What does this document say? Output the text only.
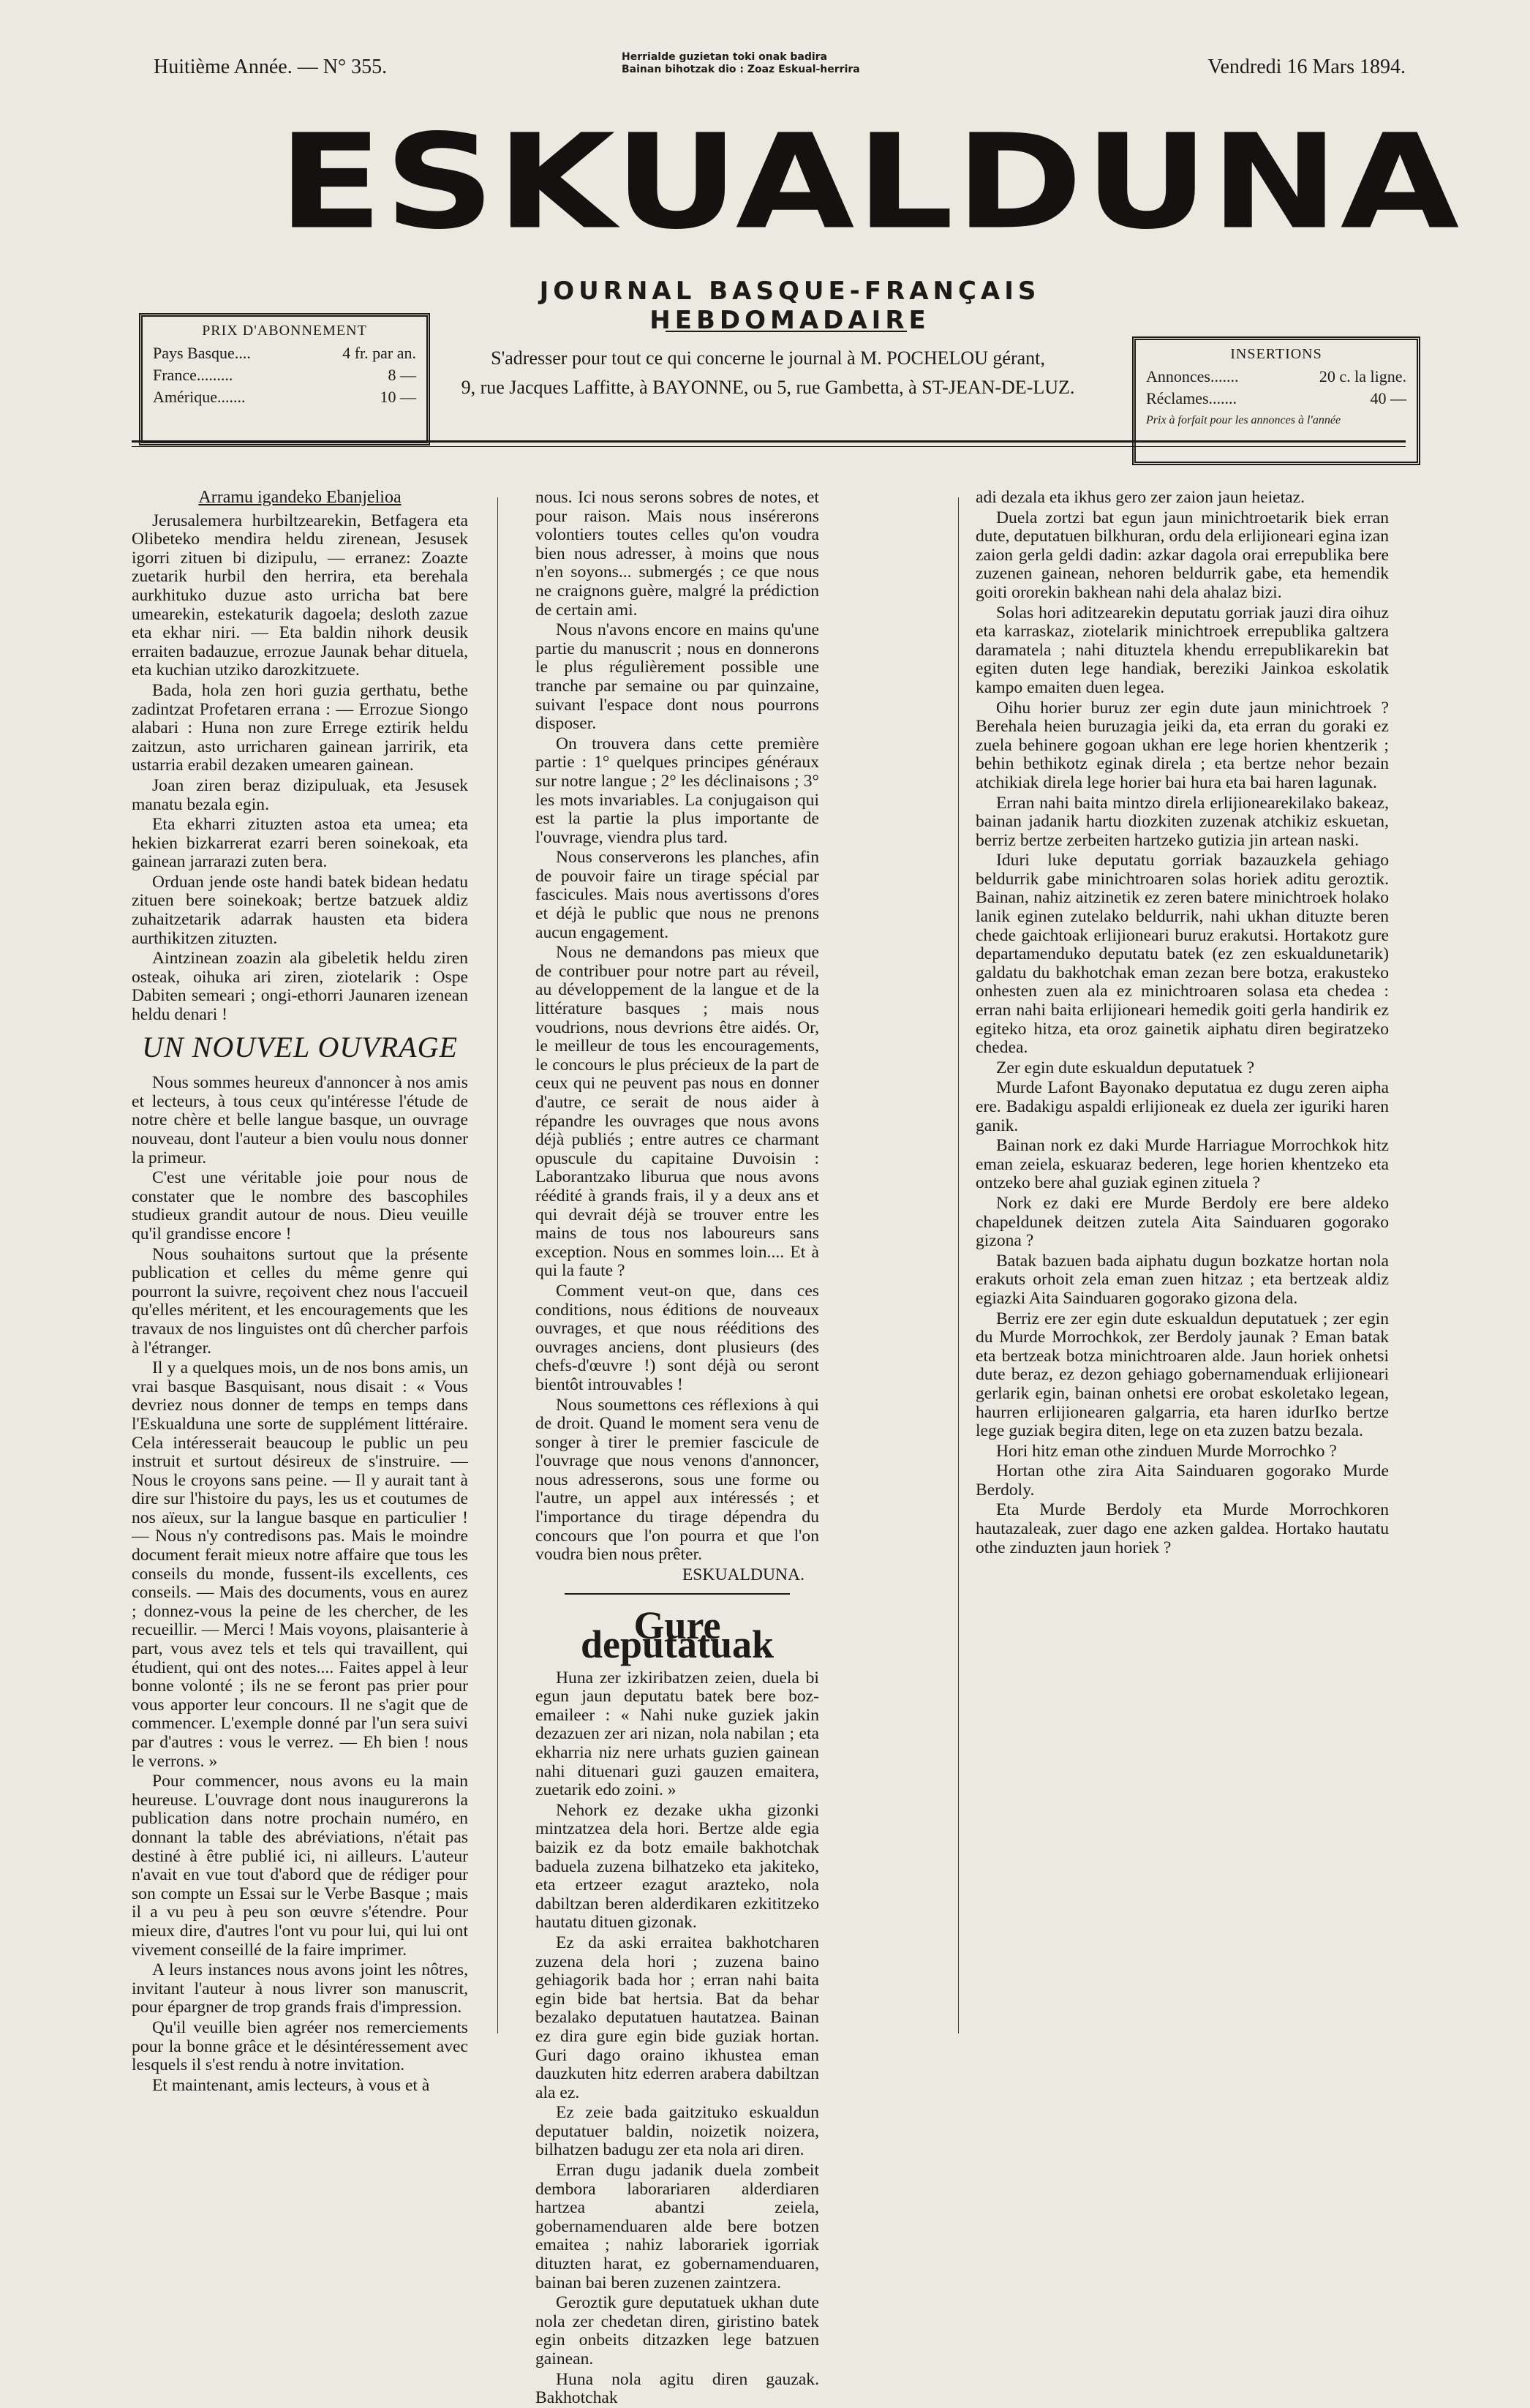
Huitième Année. — N° 355.	Herrialde guzietan toki onak badira
Bainan bihotzak dio : Zoaz Eskual-herrira	Vendredi 16 Mars 1894.
ESKUALDUNA
JOURNAL BASQUE-FRANÇAIS HEBDOMADAIRE
PRIX D'ABONNEMENT
Pays Basque....	4 fr. par an.
France.........	8 —
Amérique.......	10 —
S'adresser pour tout ce qui concerne le journal à M. POCHELOU gérant,
9, rue Jacques Laffitte, à BAYONNE, ou 5, rue Gambetta, à ST-JEAN-DE-LUZ.
INSERTIONS
Annonces.......	20 c. la ligne.
Réclames.......	40 —
Prix à forfait pour les annonces à l'année
Arramu igandeko Ebanjelioa

Jerusalemera hurbiltzearekin, Betfagera eta Olibeteko mendira heldu zirenean, Jesusek igorri zituen bi dizipulu, — erranez: Zoazte zuetarik hurbil den herrira, eta berehala aurkhituko duzue asto urricha bat bere umearekin, estekaturik dagoela; desloth zazue eta ekhar niri. — Eta baldin nihork deusik erraiten badauzue, errozue Jaunak behar dituela, eta kuchian utziko darozkitzuete.

Bada, hola zen hori guzia gerthatu, bethe zadintzat Profetaren errana : — Errozue Siongo alabari : Huna non zure Errege eztirik heldu zaitzun, asto urricharen gainean jarririk, eta ustarria erabil dezaken umearen gainean.

Joan ziren beraz dizipuluak, eta Jesusek manatu bezala egin.

Eta ekharri zituzten astoa eta umea; eta hekien bizkarrerat ezarri beren soinekoak, eta gainean jarrarazi zuten bera.

Orduan jende oste handi batek bidean hedatu zituen bere soinekoak; bertze batzuek aldiz zuhaitzetarik adarrak hausten eta bidera aurthikitzen zituzten.

Aintzinean zoazin ala gibeletik heldu ziren osteak, oihuka ari ziren, ziotelarik : Ospe Dabiten semeari ; ongi-ethorri Jaunaren izenean heldu denari !

UN NOUVEL OUVRAGE

Nous sommes heureux d'annoncer à nos amis et lecteurs, à tous ceux qu'intéresse l'étude de notre chère et belle langue basque, un ouvrage nouveau, dont l'auteur a bien voulu nous donner la primeur.

C'est une véritable joie pour nous de constater que le nombre des bascophiles studieux grandit autour de nous. Dieu veuille qu'il grandisse encore !

Nous souhaitons surtout que la présente publication et celles du même genre qui pourront la suivre, reçoivent chez nous l'accueil qu'elles méritent, et les encouragements que les travaux de nos linguistes ont dû chercher parfois à l'étranger.

Il y a quelques mois, un de nos bons amis, un vrai basque Basquisant, nous disait : « Vous devriez nous donner de temps en temps dans l'Eskualduna une sorte de supplément littéraire. Cela intéresserait beaucoup le public un peu instruit et surtout désireux de s'instruire. — Nous le croyons sans peine. — Il y aurait tant à dire sur l'histoire du pays, les us et coutumes de nos aïeux, sur la langue basque en particulier ! — Nous n'y contredisons pas. Mais le moindre document ferait mieux notre affaire que tous les conseils du monde, fussent-ils excellents, ces conseils. — Mais des documents, vous en aurez ; donnez-vous la peine de les chercher, de les recueillir. — Merci ! Mais voyons, plaisanterie à part, vous avez tels et tels qui travaillent, qui étudient, qui ont des notes.... Faites appel à leur bonne volonté ; ils ne se feront pas prier pour vous apporter leur concours. Il ne s'agit que de commencer. L'exemple donné par l'un sera suivi par d'autres : vous le verrez. — Eh bien ! nous le verrons. »

Pour commencer, nous avons eu la main heureuse. L'ouvrage dont nous inaugurerons la publication dans notre prochain numéro, en donnant la table des abréviations, n'était pas destiné à être publié ici, ni ailleurs. L'auteur n'avait en vue tout d'abord que de rédiger pour son compte un Essai sur le Verbe Basque ; mais il a vu peu à peu son œuvre s'étendre. Pour mieux dire, d'autres l'ont vu pour lui, qui lui ont vivement conseillé de la faire imprimer.

A leurs instances nous avons joint les nôtres, invitant l'auteur à nous livrer son manuscrit, pour épargner de trop grands frais d'impression.

Qu'il veuille bien agréer nos remerciements pour la bonne grâce et le désintéressement avec lesquels il s'est rendu à notre invitation.

Et maintenant, amis lecteurs, à vous et à

nous. Ici nous serons sobres de notes, et pour raison. Mais nous insérerons volontiers toutes celles qu'on voudra bien nous adresser, à moins que nous n'en soyons... submergés ; ce que nous ne craignons guère, malgré la prédiction de certain ami.

Nous n'avons encore en mains qu'une partie du manuscrit ; nous en donnerons le plus régulièrement possible une tranche par semaine ou par quinzaine, suivant l'espace dont nous pourrons disposer.

On trouvera dans cette première partie : 1° quelques principes généraux sur notre langue ; 2° les déclinaisons ; 3° les mots invariables. La conjugaison qui est la partie la plus importante de l'ouvrage, viendra plus tard.

Nous conserverons les planches, afin de pouvoir faire un tirage spécial par fascicules. Mais nous avertissons d'ores et déjà le public que nous ne prenons aucun engagement.

Nous ne demandons pas mieux que de contribuer pour notre part au réveil, au développement de la langue et de la littérature basques ; mais nous voudrions, nous devrions être aidés. Or, le meilleur de tous les encouragements, le concours le plus précieux de la part de ceux qui ne peuvent pas nous en donner d'autre, ce serait de nous aider à répandre les ouvrages que nous avons déjà publiés ; entre autres ce charmant opuscule du capitaine Duvoisin : Laborantzako liburua que nous avons réédité à grands frais, il y a deux ans et qui devrait déjà se trouver entre les mains de tous nos laboureurs sans exception. Nous en sommes loin.... Et à qui la faute ?

Comment veut-on que, dans ces conditions, nous éditions de nouveaux ouvrages, et que nous rééditions des ouvrages anciens, dont plusieurs (des chefs-d'œuvre !) sont déjà ou seront bientôt introuvables !

Nous soumettons ces réflexions à qui de droit. Quand le moment sera venu de songer à tirer le premier fascicule de l'ouvrage que nous venons d'annoncer, nous adresserons, sous une forme ou l'autre, un appel aux intéressés ; et l'importance du tirage dépendra du concours que l'on pourra et que l'on voudra bien nous prêter.

ESKUALDUNA.
Gure deputatuak

Huna zer izkiribatzen zeien, duela bi egun jaun deputatu batek bere boz-emaileer : « Nahi nuke guziek jakin dezazuen zer ari nizan, nola nabilan ; eta ekharria niz nere urhats guzien gainean nahi dituenari guzi gauzen emaitera, zuetarik edo zoini. »

Nehork ez dezake ukha gizonki mintzatzea dela hori. Bertze alde egia baizik ez da botz emaile bakhotchak baduela zuzena bilhatzeko eta jakiteko, eta ertzeer ezagut arazteko, nola dabiltzan beren alderdikaren ezkititzeko hautatu dituen gizonak.

Ez da aski erraitea bakhotcharen zuzena dela hori ; zuzena baino gehiagorik bada hor ; erran nahi baita egin bide bat hertsia. Bat da behar bezalako deputatuen hautatzea. Bainan ez dira gure egin bide guziak hortan. Guri dago oraino ikhustea eman dauzkuten hitz ederren arabera dabiltzan ala ez.

Ez zeie bada gaitzituko eskualdun deputatuer baldin, noizetik noizera, bilhatzen badugu zer eta nola ari diren.

Erran dugu jadanik duela zombeit dembora laborariaren alderdiaren hartzea abantzi zeiela, gobernamenduaren alde bere botzen emaitea ; nahiz laborariek igorriak dituzten harat, ez gobernamenduaren, bainan bai beren zuzenen zaintzera.

Geroztik gure deputatuek ukhan dute nola zer chedetan diren, giristino batek egin onbeits ditzazken lege batzuen gainean.

Huna nola agitu diren gauzak. Bakhotchak

adi dezala eta ikhus gero zer zaion jaun heietaz.

Duela zortzi bat egun jaun minichtroetarik biek erran dute, deputatuen bilkhuran, ordu dela erlijioneari egina izan zaion gerla geldi dadin: azkar dagola orai errepublika bere zuzenen gainean, nehoren beldurrik gabe, eta hemendik goiti ororekin bakhean nahi dela ahalaz bizi.

Solas hori aditzearekin deputatu gorriak jauzi dira oihuz eta karraskaz, ziotelarik minichtroek errepublika galtzera daramatela ; nahi dituztela khendu errepublikarekin bat egiten duten lege handiak, bereziki Jainkoa eskolatik kampo emaiten duen legea.

Oihu horier buruz zer egin dute jaun minichtroek ? Berehala heien buruzagia jeiki da, eta erran du goraki ez zuela behinere gogoan ukhan ere lege horien khentzerik ; behin bethikotz eginak direla ; eta bertze nehor bezain atchikiak direla lege horier bai hura eta bai haren lagunak.

Erran nahi baita mintzo direla erlijionearekilako bakeaz, bainan jadanik hartu diozkiten zuzenak atchikiz eskuetan, berriz bertze zerbeiten hartzeko gutizia jin artean naski.

Iduri luke deputatu gorriak bazauzkela gehiago beldurrik gabe minichtroaren solas horiek aditu geroztik. Bainan, nahiz aitzinetik ez zeren batere minichtroek holako lanik eginen zutelako beldurrik, nahi ukhan dituzte beren chede gaichtoak erlijioneari buruz erakutsi. Hortakotz gure departamenduko deputatu batek (ez zen eskualdunetarik) galdatu du bakhotchak eman zezan bere botza, erakusteko onhesten zuen ala ez minichtroaren solasa eta chedea : erran nahi baita erlijioneari hemedik goiti gerla handirik ez egiteko hitza, eta oroz gainetik aiphatu diren begiratzeko chedea.

Zer egin dute eskualdun deputatuek ?

Murde Lafont Bayonako deputatua ez dugu zeren aipha ere. Badakigu aspaldi erlijioneak ez duela zer iguriki haren ganik.

Bainan nork ez daki Murde Harriague Morrochkok hitz eman zeiela, eskuaraz bederen, lege horien khentzeko eta ontzeko bere ahal guziak eginen zituela ?

Nork ez daki ere Murde Berdoly ere bere aldeko chapeldunek deitzen zutela Aita Sainduaren gogorako gizona ?

Batak bazuen bada aiphatu dugun bozkatze hortan nola erakuts orhoit zela eman zuen hitzaz ; eta bertzeak aldiz egiazki Aita Sainduaren gogorako gizona dela.

Berriz ere zer egin dute eskualdun deputatuek ; zer egin du Murde Morrochkok, zer Berdoly jaunak ? Eman batak eta bertzeak botza minichtroaren alde. Jaun horiek onhetsi dute beraz, ez dezon gehiago gobernamenduak erlijioneari gerlarik egin, bainan onhetsi ere orobat eskoletako legean, haurren erlijionearen galgarria, eta haren idurIko bertze lege guziak begira diten, lege on eta zuzen batzu bezala.

Hori hitz eman othe zinduen Murde Morrochko ?

Hortan othe zira Aita Sainduaren gogorako Murde Berdoly.

Eta Murde Berdoly eta Murde Morrochkoren hautazaleak, zuer dago ene azken galdea. Hortako hautatu othe zinduzten jaun horiek ?
